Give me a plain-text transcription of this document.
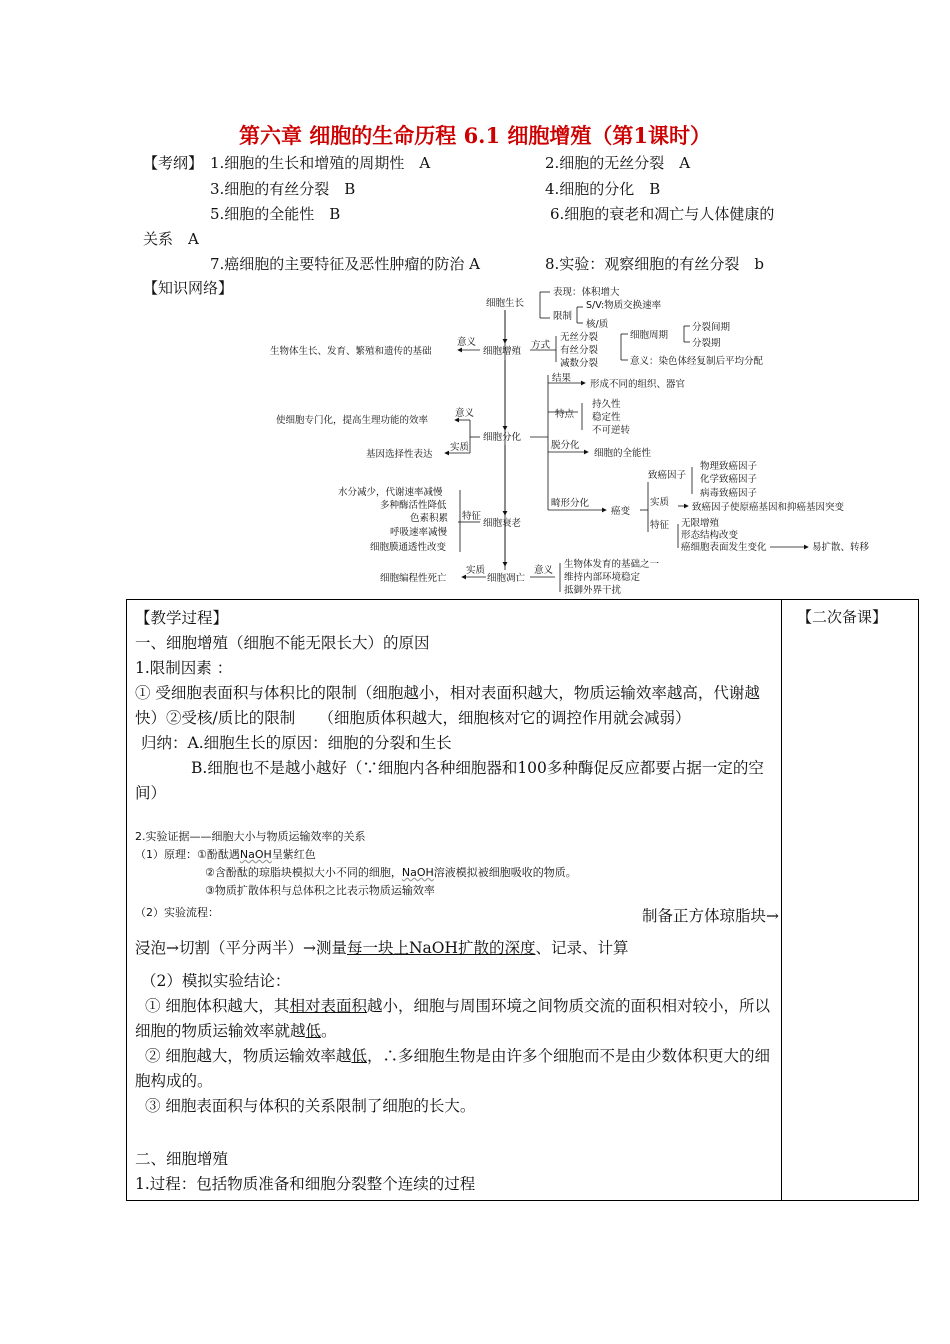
第六章 细胞的生命历程 6.1 细胞增殖（第1课时）
【考纲】 1.细胞的生长和增殖的周期性　A	2.细胞的无丝分裂　A
3.细胞的有丝分裂　B	4.细胞的分化　B
5.细胞的全能性　B	6.细胞的衰老和凋亡与人体健康的
关系　A
7.癌细胞的主要特征及恶性肿瘤的防治 A	8.实验：观察细胞的有丝分裂　b
【知识网络】
细胞生长
表现：体积增大
限制
S/V:物质交换速率
核/质
细胞增殖
意义
生物体生长、发育、繁殖和遗传的基础
方式
无丝分裂
有丝分裂
减数分裂
细胞周期
分裂间期
分裂期
意义：染色体经复制后平均分配
结果
形成不同的组织、器官
特点
持久性
稳定性
不可逆转
细胞分化
意义
使细胞专门化，提高生理功能的效率
实质
基因选择性表达
脱分化
细胞的全能性
畸形分化
癌变
致癌因子
物理致癌因子
化学致癌因子
病毒致癌因子
实质 致癌因子使原癌基因和抑癌基因突变
特征 无限增殖
形态结构改变
癌细胞表面发生变化	易扩散、转移
细胞衰老
特征
水分减少，代谢速率减慢
多种酶活性降低
色素积累
呼吸速率减慢
细胞膜通透性改变
细胞凋亡
实质
细胞编程性死亡
意义
生物体发育的基础之一
维持内部环境稳定
抵御外界干扰
【二次备课】

【教学过程】

一、细胞增殖（细胞不能无限长大）的原因

1.限制因素 ：

① 受细胞表面积与体积比的限制（细胞越小，相对表面积越大，物质运输效率越高，代谢越快）②受核/质比的限制　　（细胞质体积越大，细胞核对它的调控作用就会减弱）

归纳：A.细胞生长的原因：细胞的分裂和生长

B.细胞也不是越小越好（∵细胞内各种细胞器和100多种酶促反应都要占据一定的空间）

2.实验证据——细胞大小与物质运输效率的关系

（1）原理：①酚酞遇NaOH呈紫红色

②含酚酞的琼脂块模拟大小不同的细胞，NaOH溶液模拟被细胞吸收的物质。

③物质扩散体积与总体积之比表示物质运输效率

（2）实验流程：	制备正方体琼脂块→

浸泡→切割（平分两半）→测量每一块上NaOH扩散的深度、记录、计算

（2）模拟实验结论：

① 细胞体积越大，其相对表面积越小，细胞与周围环境之间物质交流的面积相对较小，所以细胞的物质运输效率就越低。

② 细胞越大，物质运输效率越低，∴多细胞生物是由许多个细胞而不是由少数体积更大的细胞构成的。

③ 细胞表面积与体积的关系限制了细胞的长大。

二、细胞增殖

1.过程：包括物质准备和细胞分裂整个连续的过程
